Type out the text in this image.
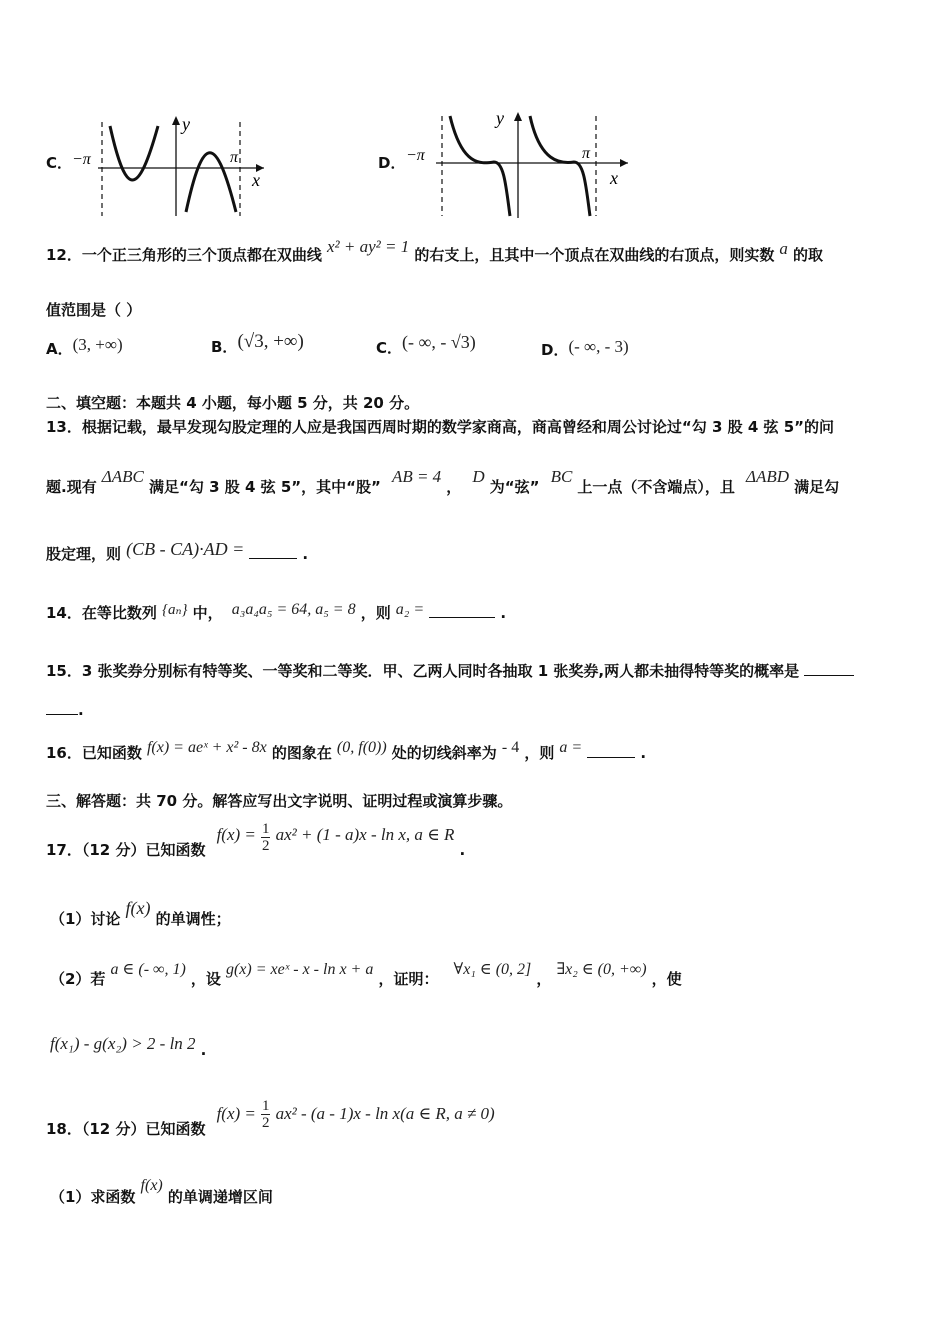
C． −π	π
x
y
D． −π	π
x
y
12．一个正三角形的三个顶点都在双曲线 x² + ay² = 1 的右支上，且其中一个顶点在双曲线的右顶点，则实数 a 的取
值范围是（ ）
A．(3, +∞)	B．(√3, +∞)	C．(- ∞, - √3)	D．(- ∞, - 3)
二、填空题：本题共 4 小题，每小题 5 分，共 20 分。
13．根据记载，最早发现勾股定理的人应是我国西周时期的数学家商高，商高曾经和周公讨论过“勾 3 股 4 弦 5”的问
题.现有 ΔABC 满足“勾 3 股 4 弦 5”，其中“股” AB = 4 ， D 为“弦” BC 上一点（不含端点），且 ΔABD 满足勾
股定理，则 (CB - CA)·AD =	.
14．在等比数列 {aₙ} 中， a₃a₄a₅ = 64, a₅ = 8 ，则 a₂ =	.
15．3 张奖券分别标有特等奖、一等奖和二等奖．甲、乙两人同时各抽取 1 张奖券,两人都未抽得特等奖的概率是
.
16．已知函数 f(x) = aeˣ + x² - 8x 的图象在 (0, f(0)) 处的切线斜率为 - 4 ，则 a =	.
三、解答题：共 70 分。解答应写出文字说明、证明过程或演算步骤。
17．（12 分）已知函数 $f(x) = \frac{1}{2} ax^2 + (1 - a)x - \ln x$, a ∈ R .
（1）讨论 f(x) 的单调性；
（2）若 a ∈ (- ∞, 1) ，设 g(x) = xeˣ - x - ln x + a ，证明： ∀x₁ ∈ (0, 2] ， ∃x₂ ∈ (0, +∞) ，使
f(x₁) - g(x₂) > 2 - ln 2 .
18．（12 分）已知函数 $f(x) = \frac{1}{2} ax^2 - (a - 1)x - \ln x(a$ ∈ R, a ≠ 0)
（1）求函数 f(x) 的单调递增区间
